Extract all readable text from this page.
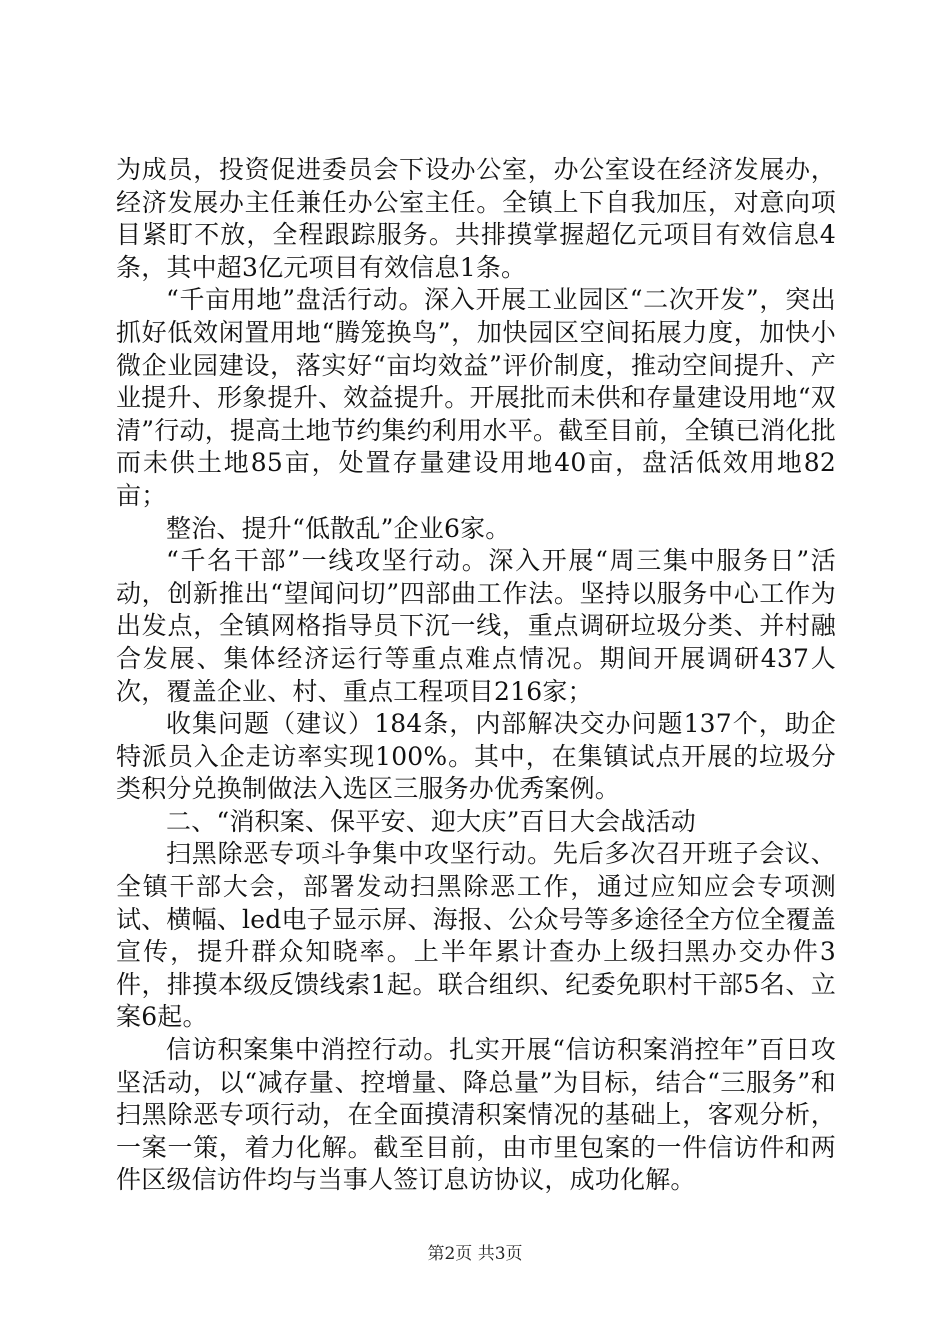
为成员，投资促进委员会下设办公室，办公室设在经济发展办，经济发展办主任兼任办公室主任。全镇上下自我加压，对意向项目紧盯不放，全程跟踪服务。共排摸掌握超亿元项目有效信息4条，其中超3亿元项目有效信息1条。

“千亩用地”盘活行动。深入开展工业园区“二次开发”，突出抓好低效闲置用地“腾笼换鸟”，加快园区空间拓展力度，加快小微企业园建设，落实好“亩均效益”评价制度，推动空间提升、产业提升、形象提升、效益提升。开展批而未供和存量建设用地“双清”行动，提高土地节约集约利用水平。截至目前，全镇已消化批而未供土地85亩，处置存量建设用地40亩，盘活低效用地82亩；

整治、提升“低散乱”企业6家。

“千名干部”一线攻坚行动。深入开展“周三集中服务日”活动，创新推出“望闻问切”四部曲工作法。坚持以服务中心工作为出发点，全镇网格指导员下沉一线，重点调研垃圾分类、并村融合发展、集体经济运行等重点难点情况。期间开展调研437人次，覆盖企业、村、重点工程项目216家；

收集问题（建议）184条，内部解决交办问题137个，助企特派员入企走访率实现100%。其中，在集镇试点开展的垃圾分类积分兑换制做法入选区三服务办优秀案例。

二、“消积案、保平安、迎大庆”百日大会战活动

扫黑除恶专项斗争集中攻坚行动。先后多次召开班子会议、全镇干部大会，部署发动扫黑除恶工作，通过应知应会专项测试、横幅、led电子显示屏、海报、公众号等多途径全方位全覆盖宣传，提升群众知晓率。上半年累计查办上级扫黑办交办件3件，排摸本级反馈线索1起。联合组织、纪委免职村干部5名、立案6起。

信访积案集中消控行动。扎实开展“信访积案消控年”百日攻坚活动，以“减存量、控增量、降总量”为目标，结合“三服务”和扫黑除恶专项行动，在全面摸清积案情况的基础上，客观分析，一案一策，着力化解。截至目前，由市里包案的一件信访件和两件区级信访件均与当事人签订息访协议，成功化解。

第2页 共3页
